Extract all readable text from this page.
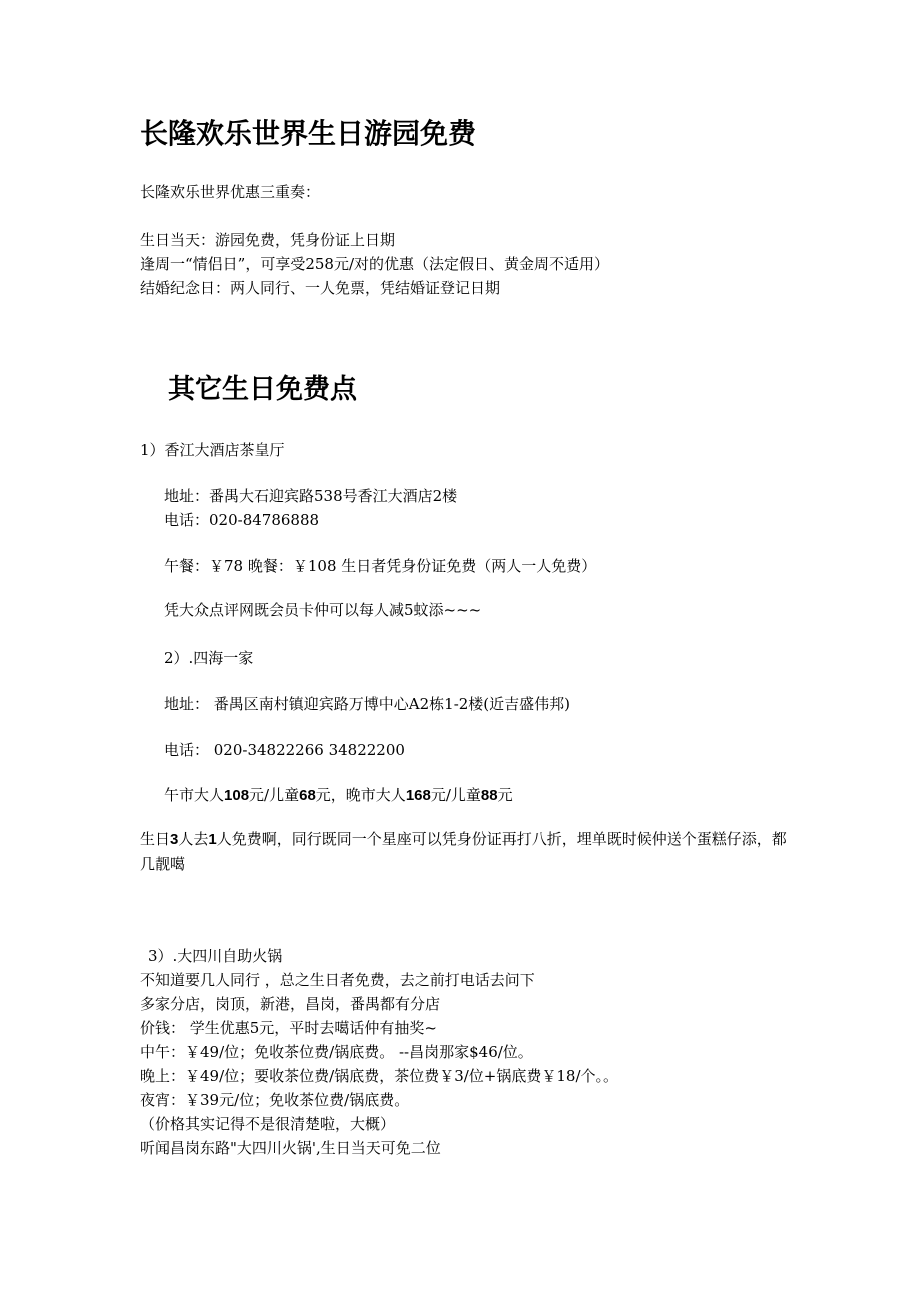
长隆欢乐世界生日游园免费
长隆欢乐世界优惠三重奏：
生日当天：游园免费，凭身份证上日期
逢周一“情侣日”，可享受258元/对的优惠（法定假日、黄金周不适用）
结婚纪念日：两人同行、一人免票，凭结婚证登记日期
其它生日免费点
1）香江大酒店茶皇厅
地址：番禺大石迎宾路538号香江大酒店2楼
电话：020-84786888
午餐：￥78 晚餐：￥108 生日者凭身份证免费（两人一人免费）
凭大众点评网既会员卡仲可以每人减5蚊添~~~
2）.四海一家
地址： 番禺区南村镇迎宾路万博中心A2栋1-2楼(近吉盛伟邦)
电话： 020-34822266 34822200
午市大人108元/儿童68元，晚市大人168元/儿童88元
生日3人去1人免费啊，同行既同一个星座可以凭身份证再打八折，埋单既时候仲送个蛋糕仔添，都几靓噶
3）.大四川自助火锅
不知道要几人同行 ，总之生日者免费，去之前打电话去问下
多家分店，岗顶，新港，昌岗，番禺都有分店
价钱： 学生优惠5元，平时去噶话仲有抽奖~
中午：￥49/位；免收茶位费/锅底费。 --昌岗那家$46/位。
晚上：￥49/位；要收茶位费/锅底费，茶位费￥3/位+锅底费￥18/个。。
夜宵：￥39元/位；免收茶位费/锅底费。
（价格其实记得不是很清楚啦，大概）
听闻昌岗东路"大四川火锅',生日当天可免二位
